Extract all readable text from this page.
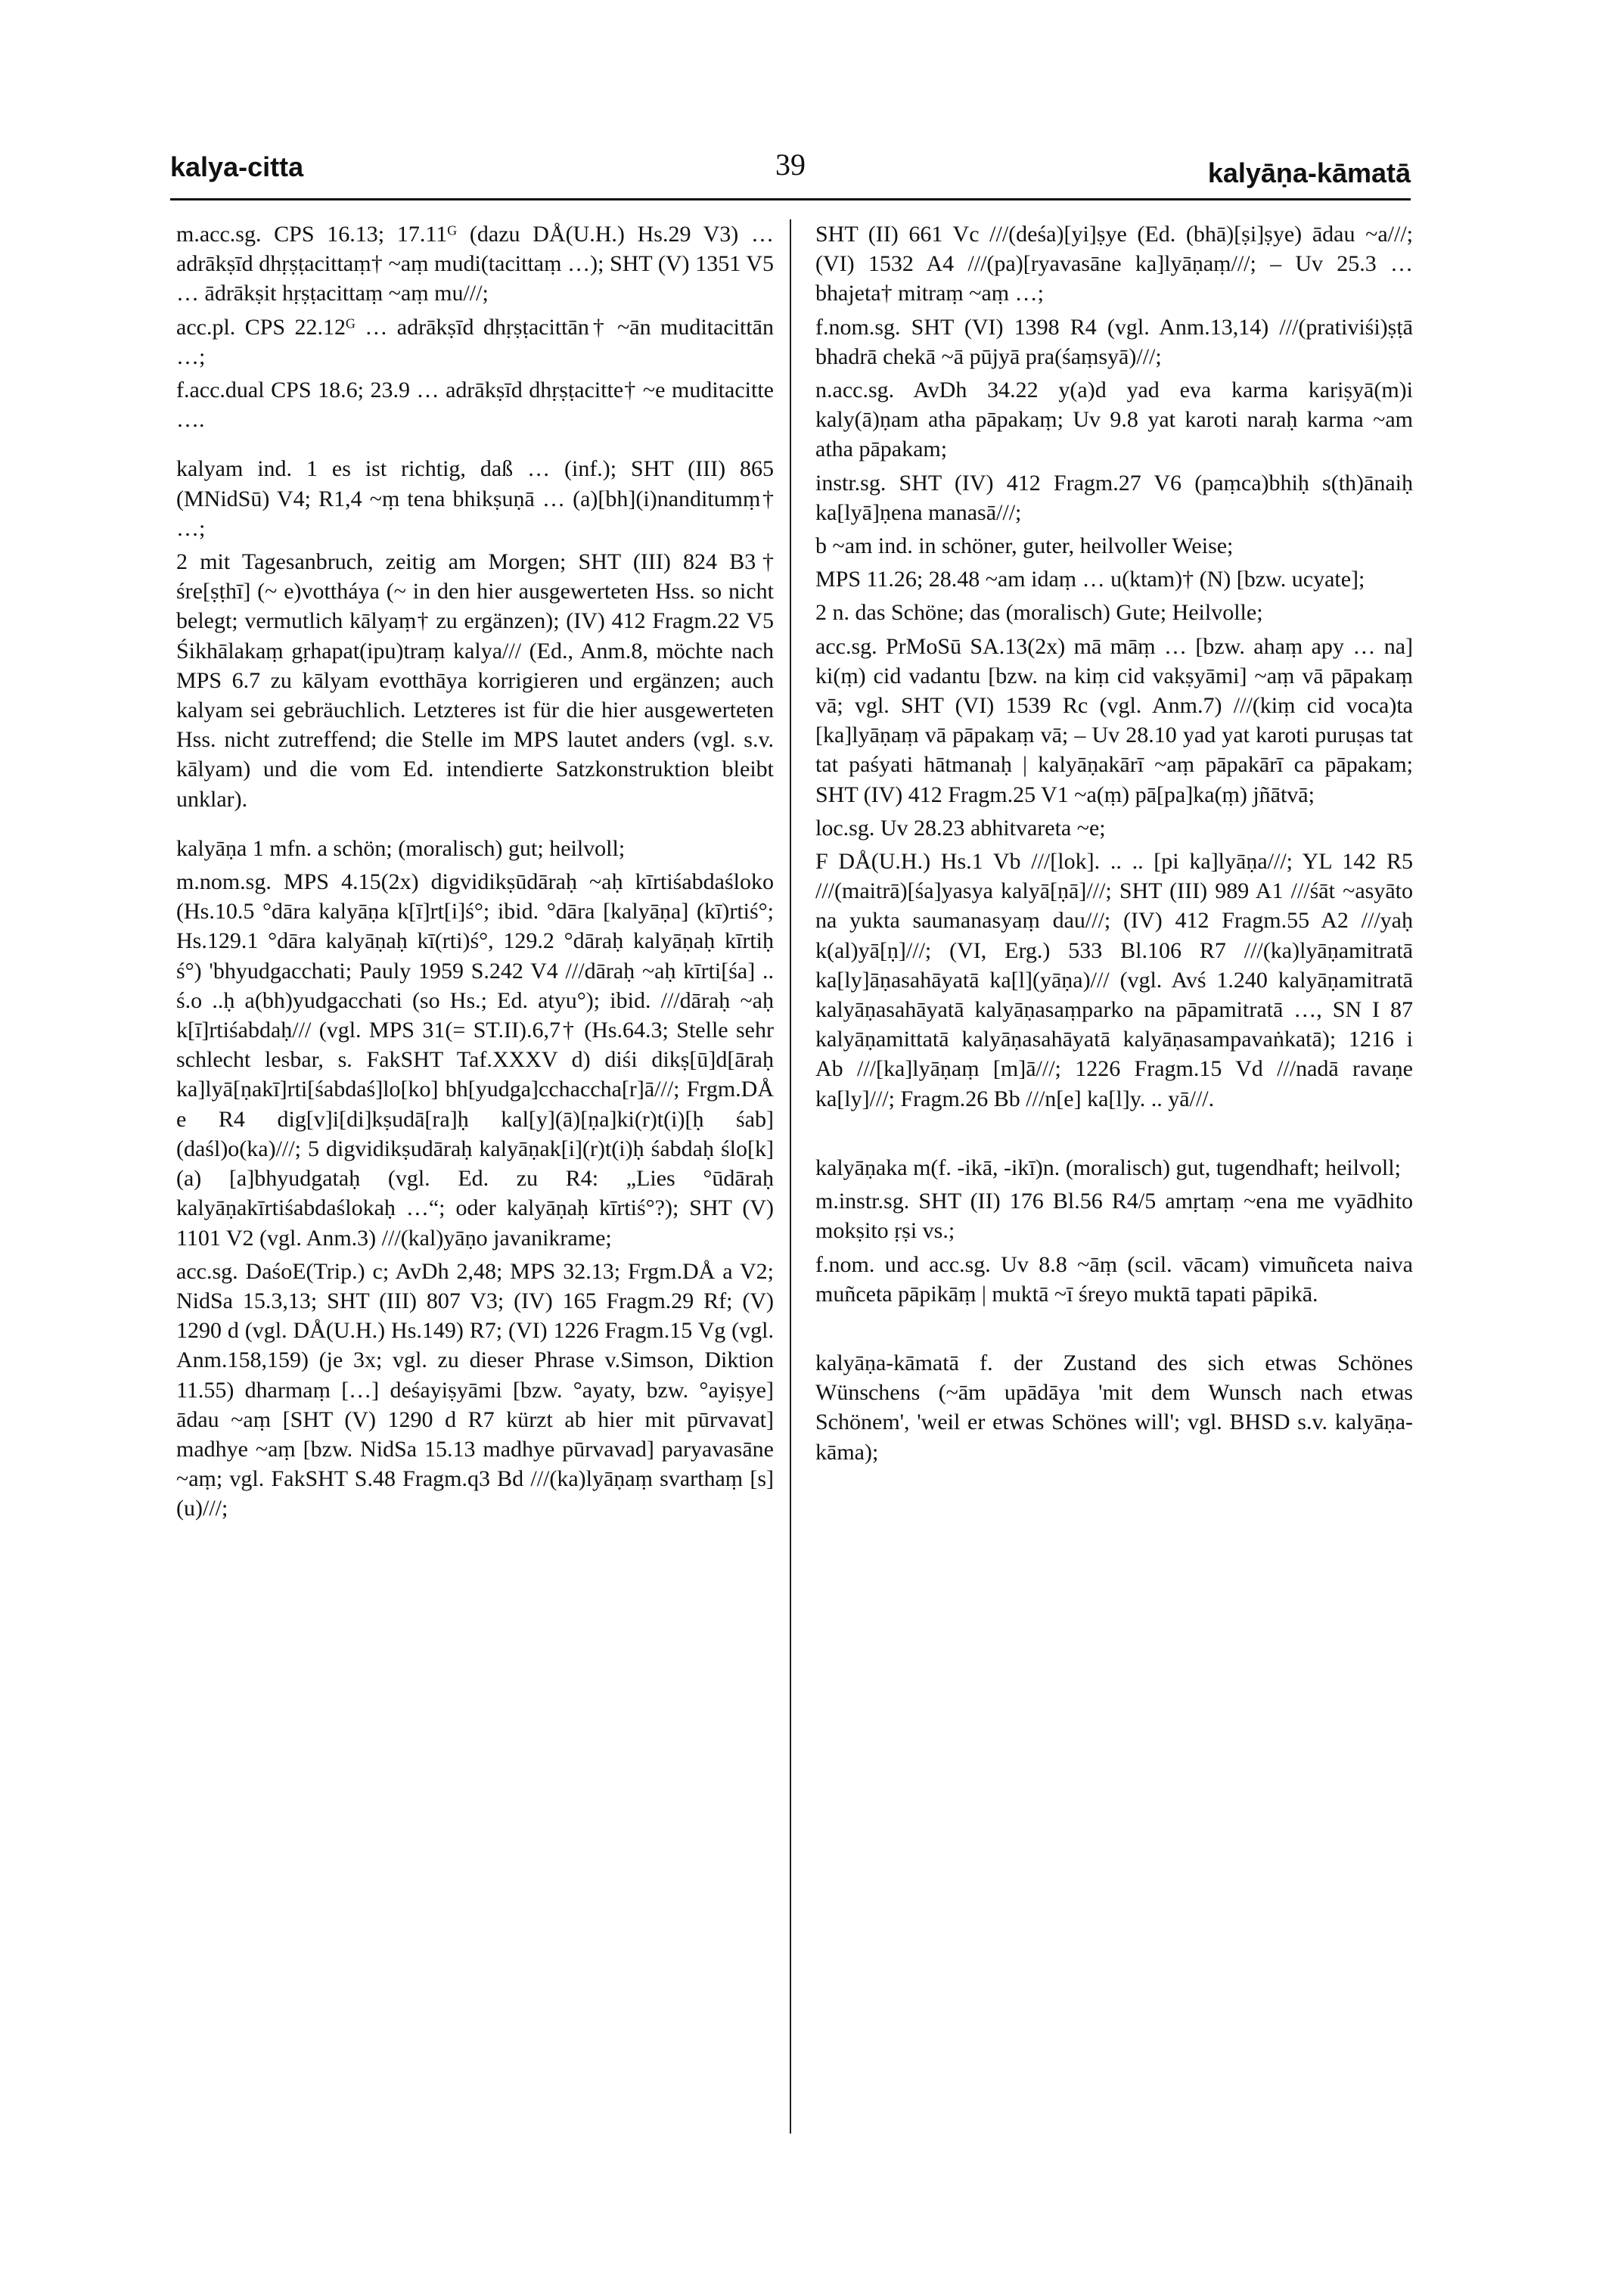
kalya-citta	39	kalyāṇa-kāmatā

m.acc.sg. CPS 16.13; 17.11ᴳ (dazu DÅ(U.H.) Hs.29 V3) … adrākṣīd dhṛṣṭacittaṃ† ~aṃ mudi(tacittaṃ …); SHT (V) 1351 V5 … ādrākṣit hṛṣṭacittaṃ ~aṃ mu///;

acc.pl. CPS 22.12ᴳ … adrākṣīd dhṛṣṭacittān† ~ān muditacittān …;

f.acc.dual CPS 18.6; 23.9 … adrākṣīd dhṛṣṭacitte† ~e muditacitte ….

kalyam ind. 1 es ist richtig, daß … (inf.); SHT (III) 865 (MNidSū) V4; R1,4 ~ṃ tena bhikṣuṇā … (a)[bh](i)nanditumṃ† …;

2 mit Tagesanbruch, zeitig am Morgen; SHT (III) 824 B3† śre[ṣṭhī] (~ e)vottháya (~ in den hier ausgewerteten Hss. so nicht belegt; vermutlich kālyaṃ† zu ergänzen); (IV) 412 Fragm.22 V5 Śikhālakaṃ gṛhapat(ipu)traṃ kalya/// (Ed., Anm.8, möchte nach MPS 6.7 zu kālyam evotthāya korrigieren und ergänzen; auch kalyam sei gebräuchlich. Letzteres ist für die hier ausgewerteten Hss. nicht zutreffend; die Stelle im MPS lautet anders (vgl. s.v. kālyam) und die vom Ed. intendierte Satzkonstruktion bleibt unklar).

kalyāṇa 1 mfn. a schön; (moralisch) gut; heilvoll;

m.nom.sg. MPS 4.15(2x) digvidikṣūdāraḥ ~aḥ kīrtiśabdaśloko (Hs.10.5 °dāra kalyāṇa k[ī]rt[i]ś°; ibid. °dāra [kalyāṇa] (kī)rtiś°; Hs.129.1 °dāra kalyāṇaḥ kī(rti)ś°, 129.2 °dāraḥ kalyāṇaḥ kīrtiḥ ś°) 'bhyudgacchati; Pauly 1959 S.242 V4 ///dāraḥ ~aḥ kīrti[śa] .. ś.o ..ḥ a(bh)yudgacchati (so Hs.; Ed. atyu°); ibid. ///dāraḥ ~aḥ k[ī]rtiśabdaḥ/// (vgl. MPS 31(= ST.II).6,7† (Hs.64.3; Stelle sehr schlecht lesbar, s. FakSHT Taf.XXXV d) diśi dikṣ[ū]d[āraḥ ka]lyā[ṇakī]rti[śabdaś]lo[ko] bh[yudga]cchaccha[r]ā///; Frgm.DÅ e R4 dig[v]i[di]kṣudā[ra]ḥ kal[y](ā)[ṇa]ki(r)t(i)[ḥ śab](daśl)o(ka)///; 5 digvidikṣudāraḥ kalyāṇak[i](r)t(i)ḥ śabdaḥ ślo[k](a) [a]bhyudgataḥ (vgl. Ed. zu R4: „Lies °ūdāraḥ kalyāṇakīrtiśabdaślokaḥ …“; oder kalyāṇaḥ kīrtiś°?); SHT (V) 1101 V2 (vgl. Anm.3) ///(kal)yāṇo javanikrame;

acc.sg. DaśoE(Trip.) c; AvDh 2,48; MPS 32.13; Frgm.DÅ a V2; NidSa 15.3,13; SHT (III) 807 V3; (IV) 165 Fragm.29 Rf; (V) 1290 d (vgl. DÅ(U.H.) Hs.149) R7; (VI) 1226 Fragm.15 Vg (vgl. Anm.158,159) (je 3x; vgl. zu dieser Phrase v.Simson, Diktion 11.55) dharmaṃ […] deśayiṣyāmi [bzw. °ayaty, bzw. °ayiṣye] ādau ~aṃ [SHT (V) 1290 d R7 kürzt ab hier mit pūrvavat] madhye ~aṃ [bzw. NidSa 15.13 madhye pūrvavad] paryavasāne ~aṃ; vgl. FakSHT S.48 Fragm.q3 Bd ///(ka)lyāṇaṃ svarthaṃ [s](u)///;

SHT (II) 661 Vc ///(deśa)[yi]ṣye (Ed. (bhā)[ṣi]ṣye) ādau ~a///; (VI) 1532 A4 ///(pa)[ryavasāne ka]lyāṇaṃ///; – Uv 25.3 … bhajeta† mitraṃ ~aṃ …;

f.nom.sg. SHT (VI) 1398 R4 (vgl. Anm.13,14) ///(prativiśi)ṣṭā bhadrā chekā ~ā pūjyā pra(śaṃsyā)///;

n.acc.sg. AvDh 34.22 y(a)d yad eva karma kariṣyā(m)i kaly(ā)ṇam atha pāpakaṃ; Uv 9.8 yat karoti naraḥ karma ~am atha pāpakam;

instr.sg. SHT (IV) 412 Fragm.27 V6 (paṃca)bhiḥ s(th)ānaiḥ ka[lyā]ṇena manasā///;

b ~am ind. in schöner, guter, heilvoller Weise;

MPS 11.26; 28.48 ~am idaṃ … u(ktam)† (N) [bzw. ucyate];

2 n. das Schöne; das (moralisch) Gute; Heilvolle;

acc.sg. PrMoSū SA.13(2x) mā māṃ … [bzw. ahaṃ apy … na] ki(ṃ) cid vadantu [bzw. na kiṃ cid vakṣyāmi] ~aṃ vā pāpakaṃ vā; vgl. SHT (VI) 1539 Rc (vgl. Anm.7) ///(kiṃ cid voca)ta [ka]lyāṇaṃ vā pāpakaṃ vā; – Uv 28.10 yad yat karoti puruṣas tat tat paśyati hātmanaḥ | kalyāṇakārī ~aṃ pāpakārī ca pāpakam; SHT (IV) 412 Fragm.25 V1 ~a(ṃ) pā[pa]ka(ṃ) jñātvā;

loc.sg. Uv 28.23 abhitvareta ~e;

F DÅ(U.H.) Hs.1 Vb ///[lok]. .. .. [pi ka]lyāṇa///; YL 142 R5 ///(maitrā)[śa]yasya kalyā[ṇā]///; SHT (III) 989 A1 ///śāt ~asyāto na yukta saumanasyaṃ dau///; (IV) 412 Fragm.55 A2 ///yaḥ k(al)yā[ṇ]///; (VI, Erg.) 533 Bl.106 R7 ///(ka)lyāṇamitratā ka[ly]āṇasahāyatā ka[l](yāṇa)/// (vgl. Avś 1.240 kalyāṇamitratā kalyāṇasahāyatā kalyāṇasaṃparko na pāpamitratā …, SN I 87 kalyāṇamittatā kalyāṇasahāyatā kalyāṇasampavaṅkatā); 1216 i Ab ///[ka]lyāṇaṃ [m]ā///; 1226 Fragm.15 Vd ///nadā ravaṇe ka[ly]///; Fragm.26 Bb ///n[e] ka[l]y. .. yā///.

kalyāṇaka m(f. -ikā, -ikī)n. (moralisch) gut, tugendhaft; heilvoll;

m.instr.sg. SHT (II) 176 Bl.56 R4/5 amṛtaṃ ~ena me vyādhito mokṣito ṛṣi vs.;

f.nom. und acc.sg. Uv 8.8 ~āṃ (scil. vācam) vimuñceta naiva muñceta pāpikāṃ | muktā ~ī śreyo muktā tapati pāpikā.

kalyāṇa-kāmatā f. der Zustand des sich etwas Schönes Wünschens (~ām upādāya 'mit dem Wunsch nach etwas Schönem', 'weil er etwas Schönes will'; vgl. BHSD s.v. kalyāṇa-kāma);
